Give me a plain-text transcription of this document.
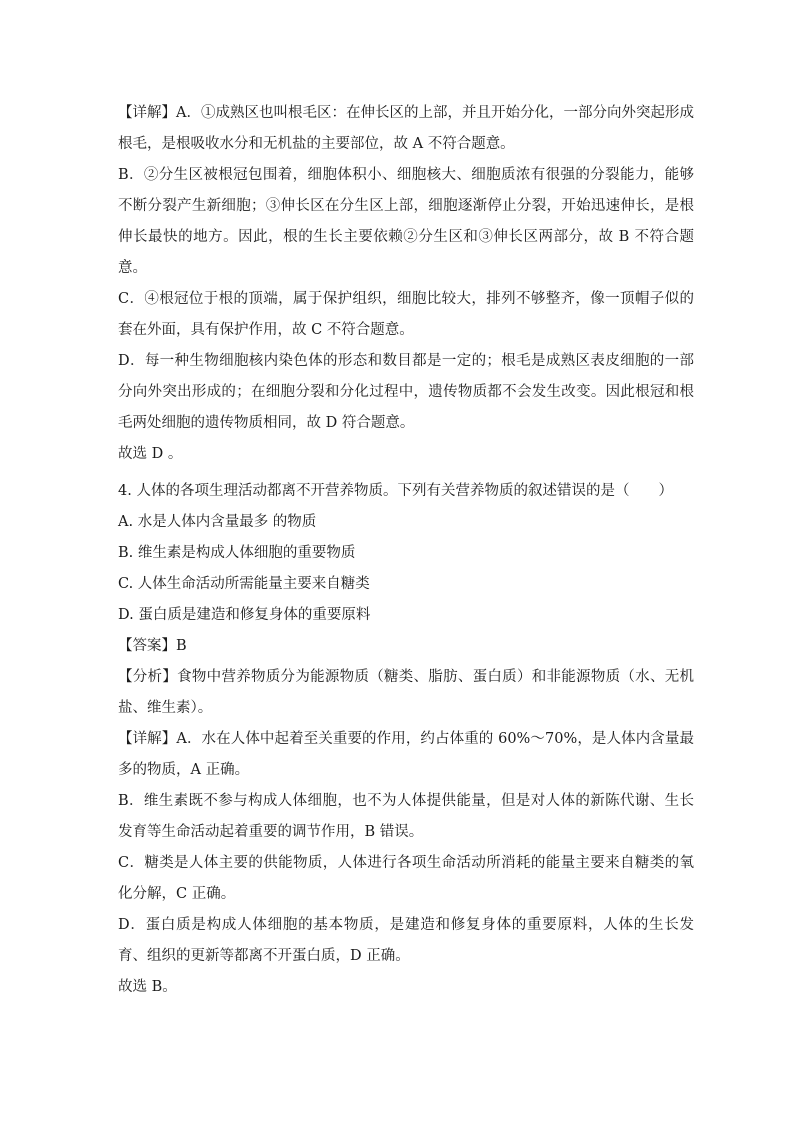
【详解】A．①成熟区也叫根毛区：在伸长区的上部，并且开始分化，一部分向外突起形成根毛，是根吸收水分和无机盐的主要部位，故 A 不符合题意。

B．②分生区被根冠包围着，细胞体积小、细胞核大、细胞质浓有很强的分裂能力，能够不断分裂产生新细胞；③伸长区在分生区上部，细胞逐渐停止分裂，开始迅速伸长，是根伸长最快的地方。因此，根的生长主要依赖②分生区和③伸长区两部分，故 B 不符合题意。

C．④根冠位于根的顶端，属于保护组织，细胞比较大，排列不够整齐，像一顶帽子似的套在外面，具有保护作用，故 C 不符合题意。

D．每一种生物细胞核内染色体的形态和数目都是一定的；根毛是成熟区表皮细胞的一部分向外突出形成的；在细胞分裂和分化过程中，遗传物质都不会发生改变。因此根冠和根毛两处细胞的遗传物质相同，故 D 符合题意。

故选 D 。

4. 人体的各项生理活动都离不开营养物质。下列有关营养物质的叙述错误的是（　　）

A. 水是人体内含量最多 的物质

B. 维生素是构成人体细胞的重要物质

C. 人体生命活动所需能量主要来自糖类

D. 蛋白质是建造和修复身体的重要原料

【答案】B

【分析】食物中营养物质分为能源物质（糖类、脂肪、蛋白质）和非能源物质（水、无机盐、维生素）。

【详解】A．水在人体中起着至关重要的作用，约占体重的 60%～70%，是人体内含量最多的物质，A 正确。

B．维生素既不参与构成人体细胞，也不为人体提供能量，但是对人体的新陈代谢、生长发育等生命活动起着重要的调节作用，B 错误。

C．糖类是人体主要的供能物质，人体进行各项生命活动所消耗的能量主要来自糖类的氧化分解，C 正确。

D．蛋白质是构成人体细胞的基本物质，是建造和修复身体的重要原料，人体的生长发育、组织的更新等都离不开蛋白质，D 正确。

故选 B。
